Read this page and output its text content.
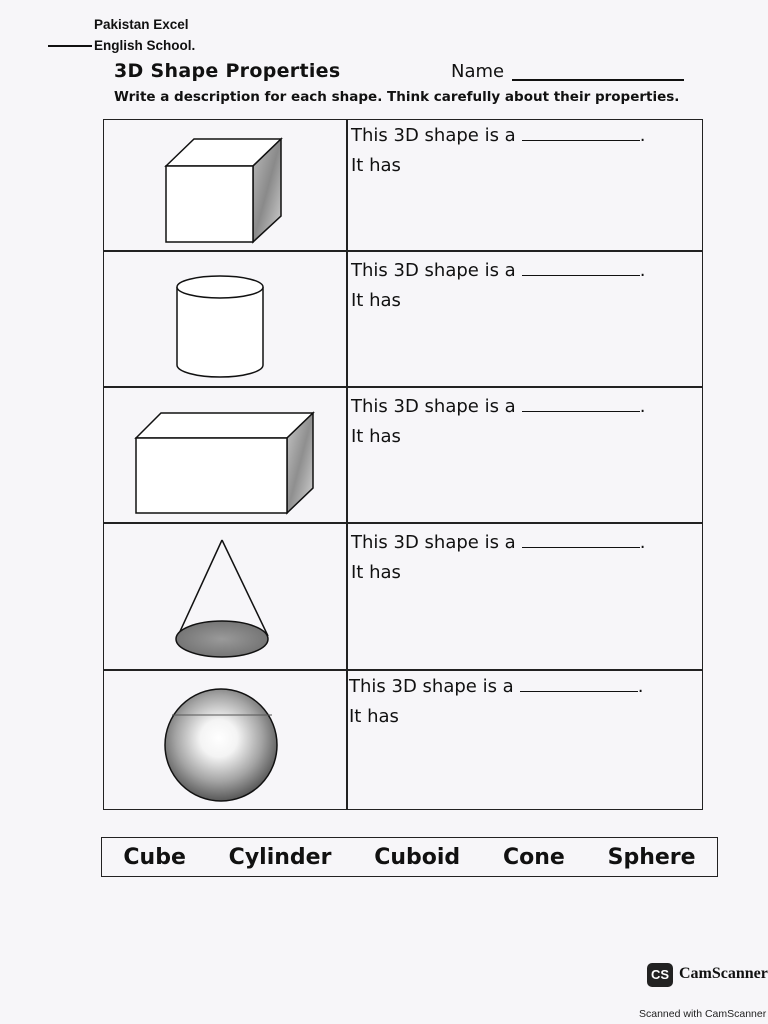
Pakistan Excel
English School.
3D Shape Properties	Name
Write a description for each shape. Think carefully about their properties.
This 3D shape is a	.
It has
This 3D shape is a	.
It has
This 3D shape is a	.
It has
This 3D shape is a	.
It has
This 3D shape is a	.
It has
Cube Cylinder Cuboid Cone Sphere
CS CamScanner
Scanned with CamScanner
